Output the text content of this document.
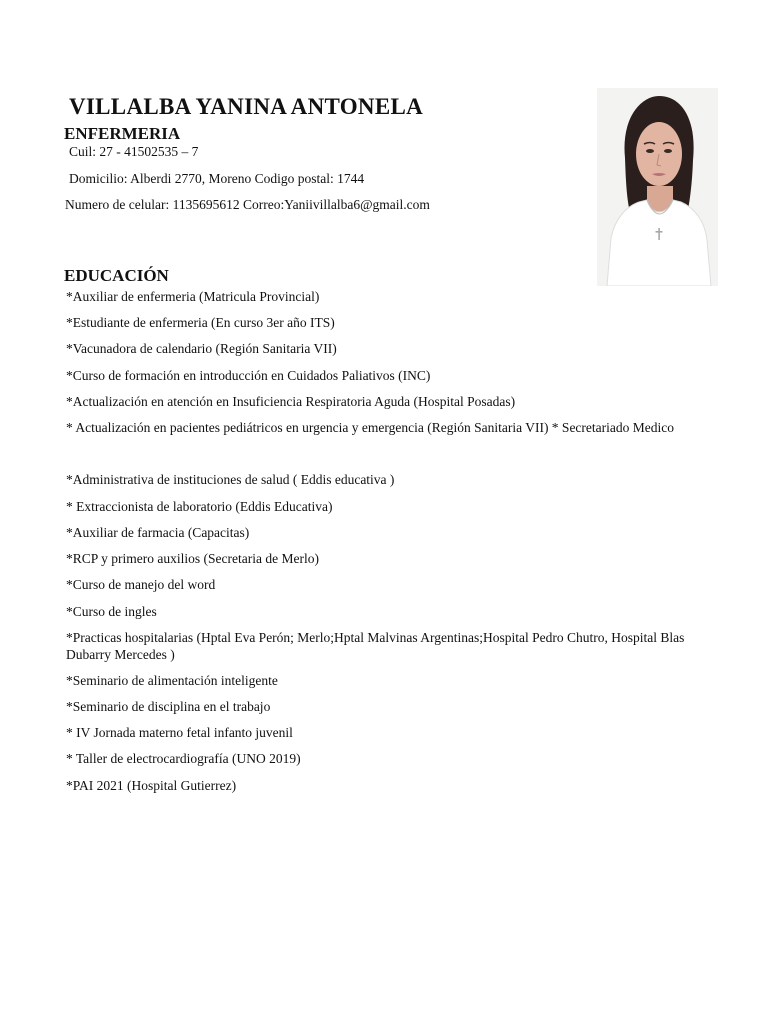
VILLALBA YANINA ANTONELA
ENFERMERIA

Cuil: 27 - 41502535 – 7

Domicilio: Alberdi 2770, Moreno Codigo postal: 1744

Numero de celular: 1135695612 Correo:Yaniivillalba6@gmail.com

EDUCACIÓN

*Auxiliar de enfermeria (Matricula Provincial)

*Estudiante de enfermeria (En curso 3er año ITS)

*Vacunadora de calendario (Región Sanitaria VII)

*Curso de formación en introducción en Cuidados Paliativos (INC)

*Actualización en atención en Insuficiencia Respiratoria Aguda (Hospital Posadas)

* Actualización en pacientes pediátricos en urgencia y emergencia (Región Sanitaria VII) * Secretariado Medico

*Administrativa de instituciones de salud ( Eddis educativa )

* Extraccionista de laboratorio (Eddis Educativa)

*Auxiliar de farmacia (Capacitas)

*RCP y primero auxilios (Secretaria de Merlo)

*Curso de manejo del word

*Curso de ingles

*Practicas hospitalarias (Hptal Eva Perón; Merlo;Hptal Malvinas Argentinas;Hospital Pedro Chutro, Hospital Blas Dubarry Mercedes )

*Seminario de alimentación inteligente

*Seminario de disciplina en el trabajo

* IV Jornada materno fetal infanto juvenil

* Taller de electrocardiografía (UNO 2019)

*PAI 2021 (Hospital Gutierrez)
